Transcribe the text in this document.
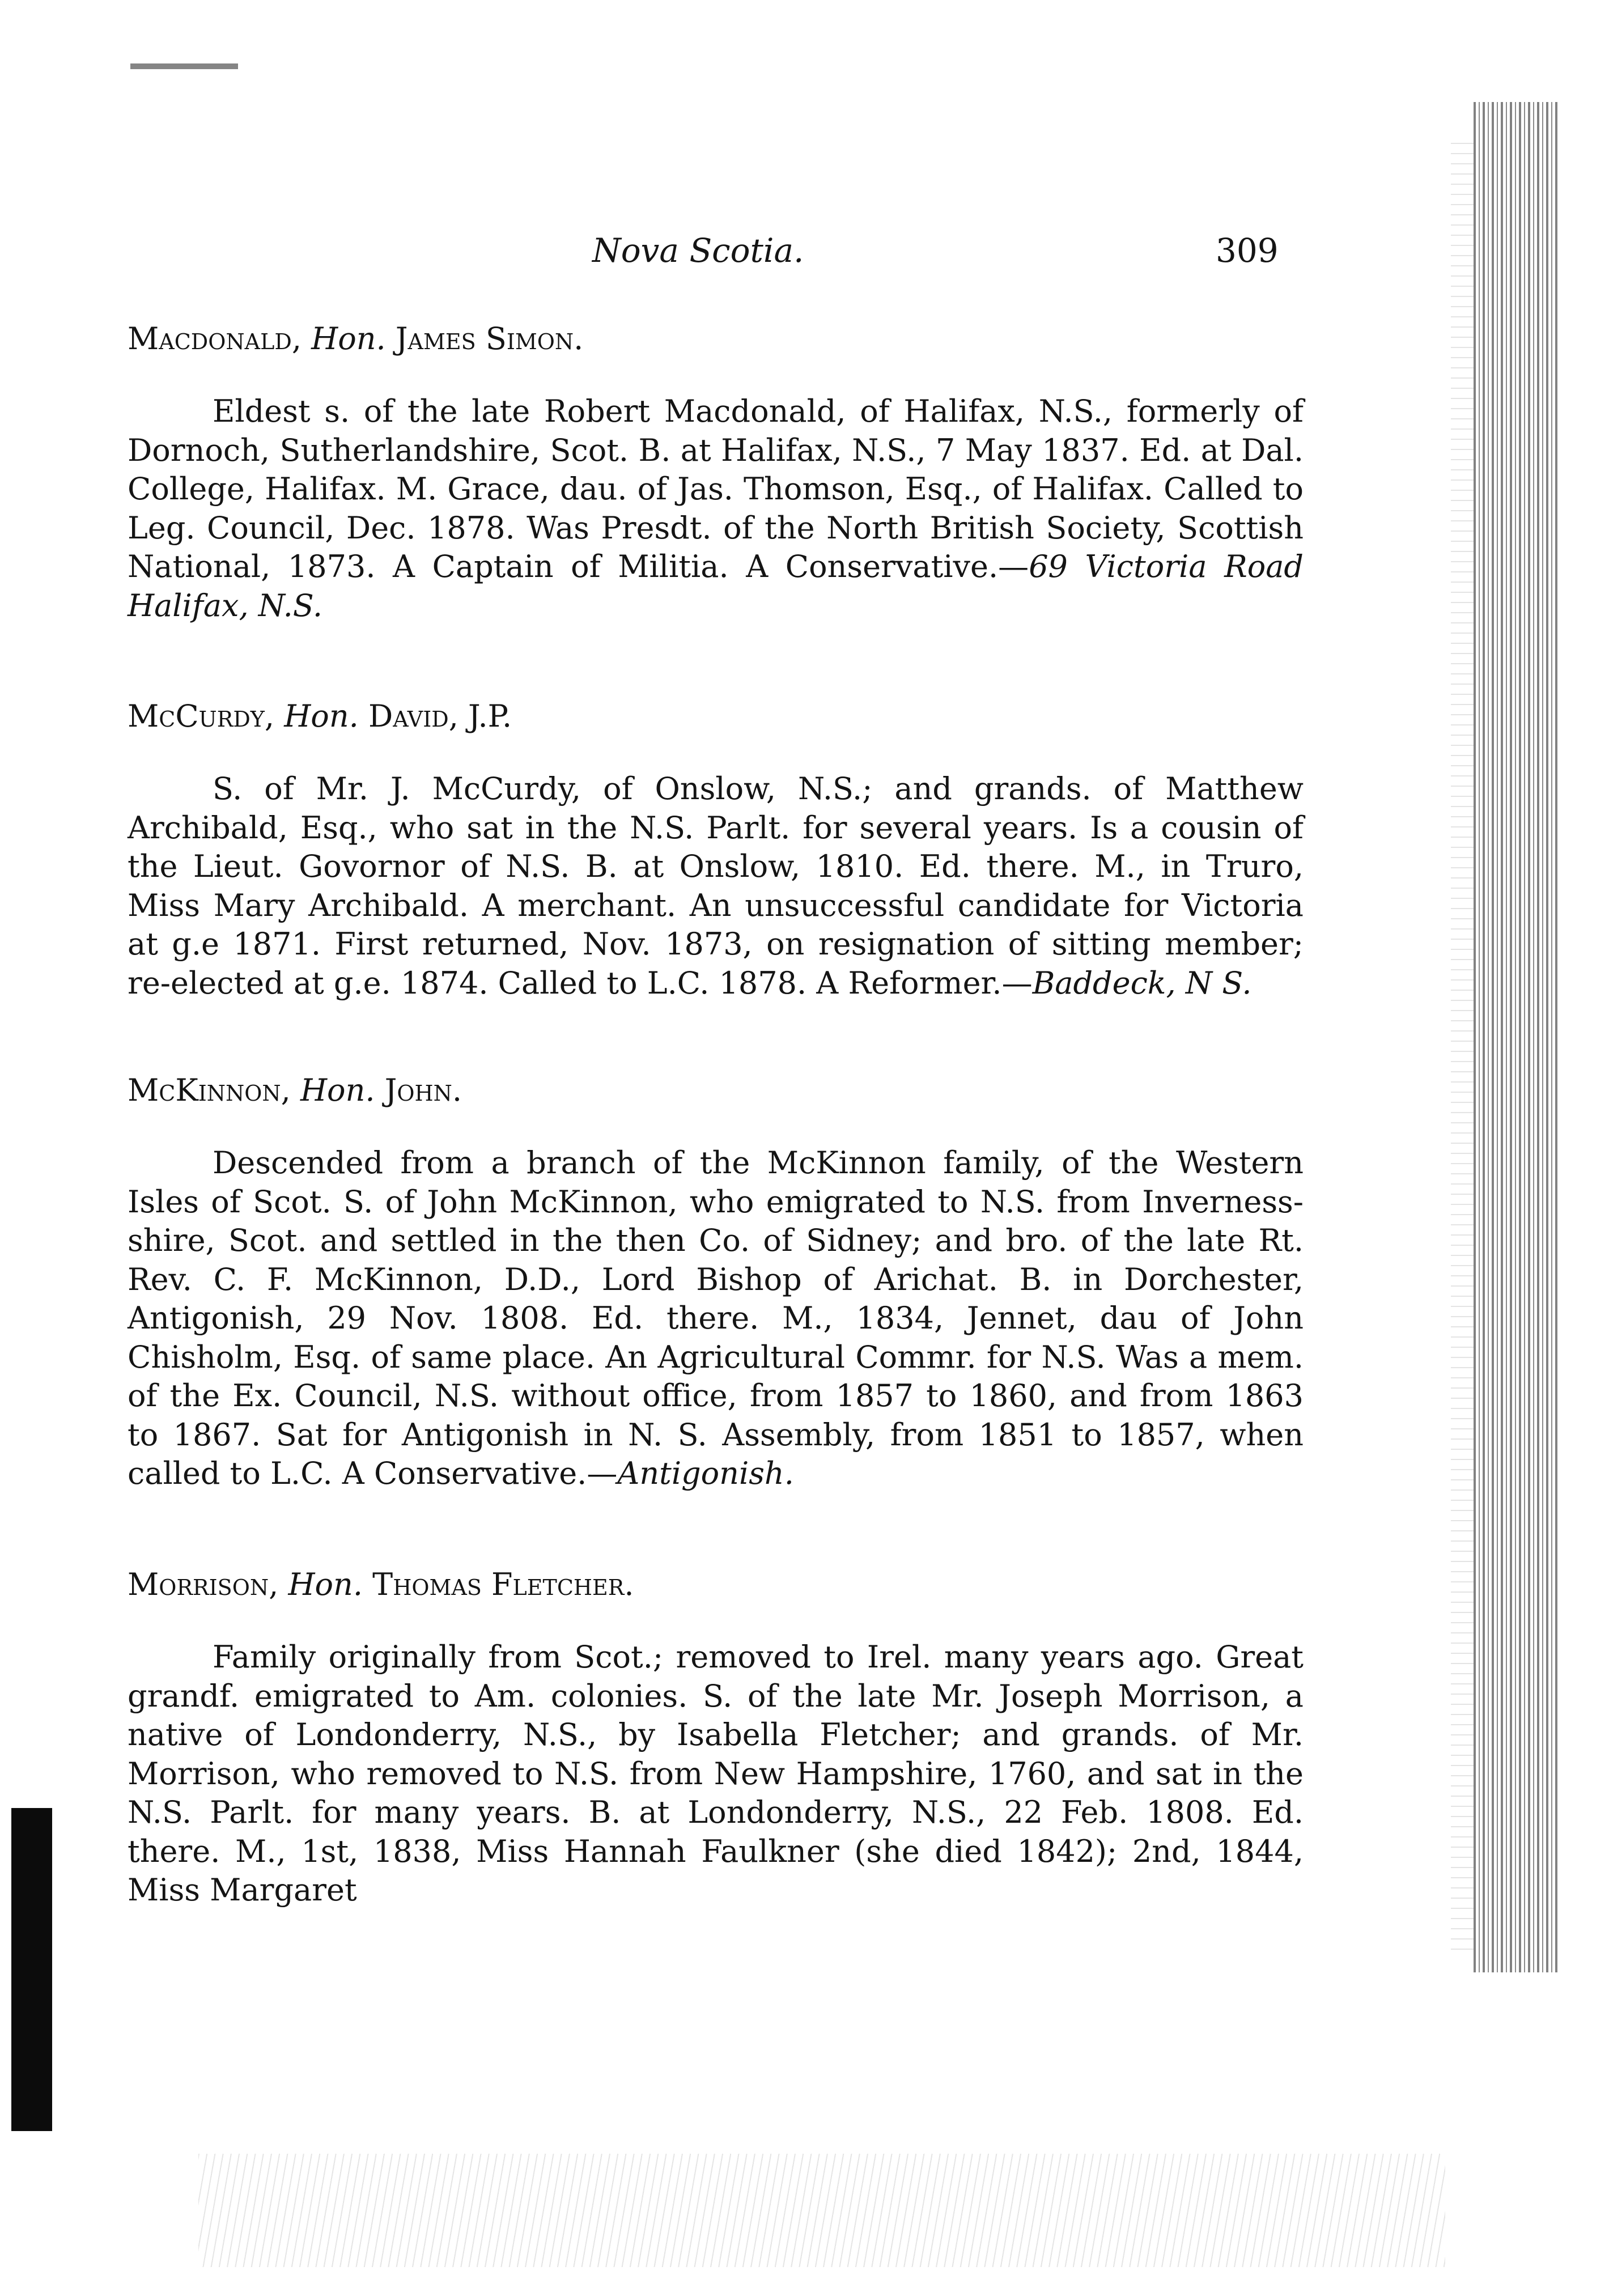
Nova Scotia.	309
Macdonald, Hon. James Simon.
Eldest s. of the late Robert Macdonald, of Halifax, N.S., formerly of Dornoch, Sutherlandshire, Scot. B. at Halifax, N.S., 7 May 1837. Ed. at Dal. College, Halifax. M. Grace, dau. of Jas. Thomson, Esq., of Halifax. Called to Leg. Council, Dec. 1878. Was Presdt. of the North British Society, Scottish National, 1873. A Captain of Militia. A Conservative.—69 Victoria Road Halifax, N.S.
McCurdy, Hon. David, J.P.
S. of Mr. J. McCurdy, of Onslow, N.S.; and grands. of Matthew Archibald, Esq., who sat in the N.S. Parlt. for several years. Is a cousin of the Lieut. Govornor of N.S. B. at Onslow, 1810. Ed. there. M., in Truro, Miss Mary Archibald. A merchant. An unsuccessful candidate for Victoria at g.e 1871. First returned, Nov. 1873, on resignation of sitting member; re-elected at g.e. 1874. Called to L.C. 1878. A Reformer.—Baddeck, N S.
McKinnon, Hon. John.
Descended from a branch of the McKinnon family, of the Western Isles of Scot. S. of John McKinnon, who emigrated to N.S. from Inverness-shire, Scot. and settled in the then Co. of Sidney; and bro. of the late Rt. Rev. C. F. McKinnon, D.D., Lord Bishop of Arichat. B. in Dorchester, Antigonish, 29 Nov. 1808. Ed. there. M., 1834, Jennet, dau of John Chisholm, Esq. of same place. An Agricultural Commr. for N.S. Was a mem. of the Ex. Council, N.S. without office, from 1857 to 1860, and from 1863 to 1867. Sat for Antigonish in N. S. Assembly, from 1851 to 1857, when called to L.C. A Conservative.—Antigonish.
Morrison, Hon. Thomas Fletcher.
Family originally from Scot.; removed to Irel. many years ago. Great grandf. emigrated to Am. colonies. S. of the late Mr. Joseph Morrison, a native of Londonderry, N.S., by Isabella Fletcher; and grands. of Mr. Morrison, who removed to N.S. from New Hampshire, 1760, and sat in the N.S. Parlt. for many years. B. at Londonderry, N.S., 22 Feb. 1808. Ed. there. M., 1st, 1838, Miss Hannah Faulkner (she died 1842); 2nd, 1844, Miss Margaret
